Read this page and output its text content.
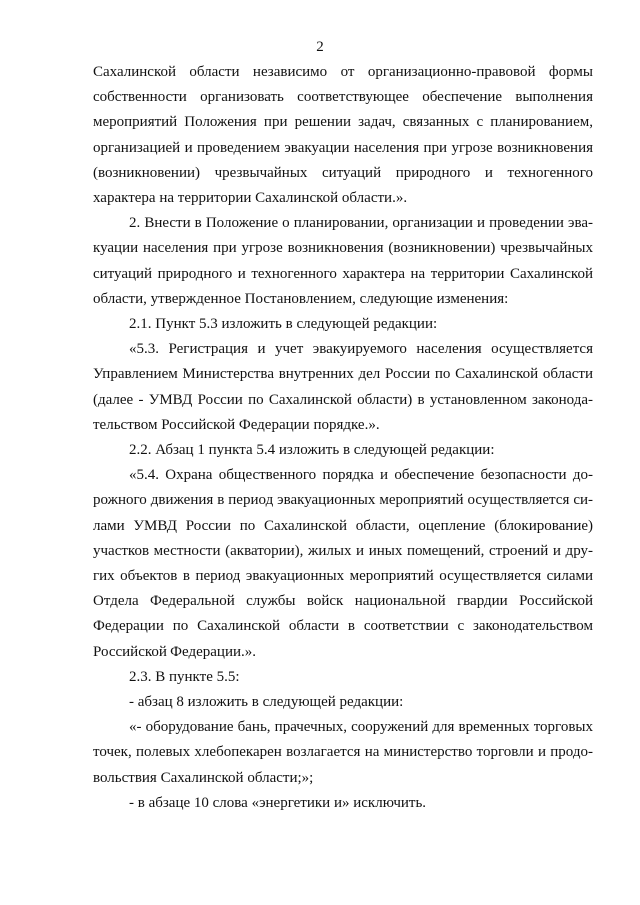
2

Сахалинской области независимо от организационно-правовой формы собственности организовать соответствующее обеспечение выполнения мероприятий Положения при решении задач, связанных с планированием, организацией и проведением эвакуации населения при угрозе возникновения (возникновении) чрезвычайных ситуаций природного и техногенного характера на территории Сахалинской области.».

2. Внести в Положение о планировании, организации и проведении эвакуации населения при угрозе возникновения (возникновении) чрезвычайных ситуаций природного и техногенного характера на территории Сахалинской области, утвержденное Постановлением, следующие изменения:

2.1. Пункт 5.3 изложить в следующей редакции:

«5.3. Регистрация и учет эвакуируемого населения осуществляется Управлением Министерства внутренних дел России по Сахалинской области (далее - УМВД России по Сахалинской области) в установленном законодательством Российской Федерации порядке.».

2.2. Абзац 1 пункта 5.4 изложить в следующей редакции:

«5.4. Охрана общественного порядка и обеспечение безопасности дорожного движения в период эвакуационных мероприятий осуществляется силами УМВД России по Сахалинской области, оцепление (блокирование) участков местности (акватории), жилых и иных помещений, строений и других объектов в период эвакуационных мероприятий осуществляется силами Отдела Федеральной службы войск национальной гвардии Российской Федерации по Сахалинской области в соответствии с законодательством Российской Федерации.».

2.3. В пункте 5.5:

- абзац 8 изложить в следующей редакции:

«- оборудование бань, прачечных, сооружений для временных торговых точек, полевых хлебопекарен возлагается на министерство торговли и продовольствия Сахалинской области;»;

- в абзаце 10 слова «энергетики и» исключить.
